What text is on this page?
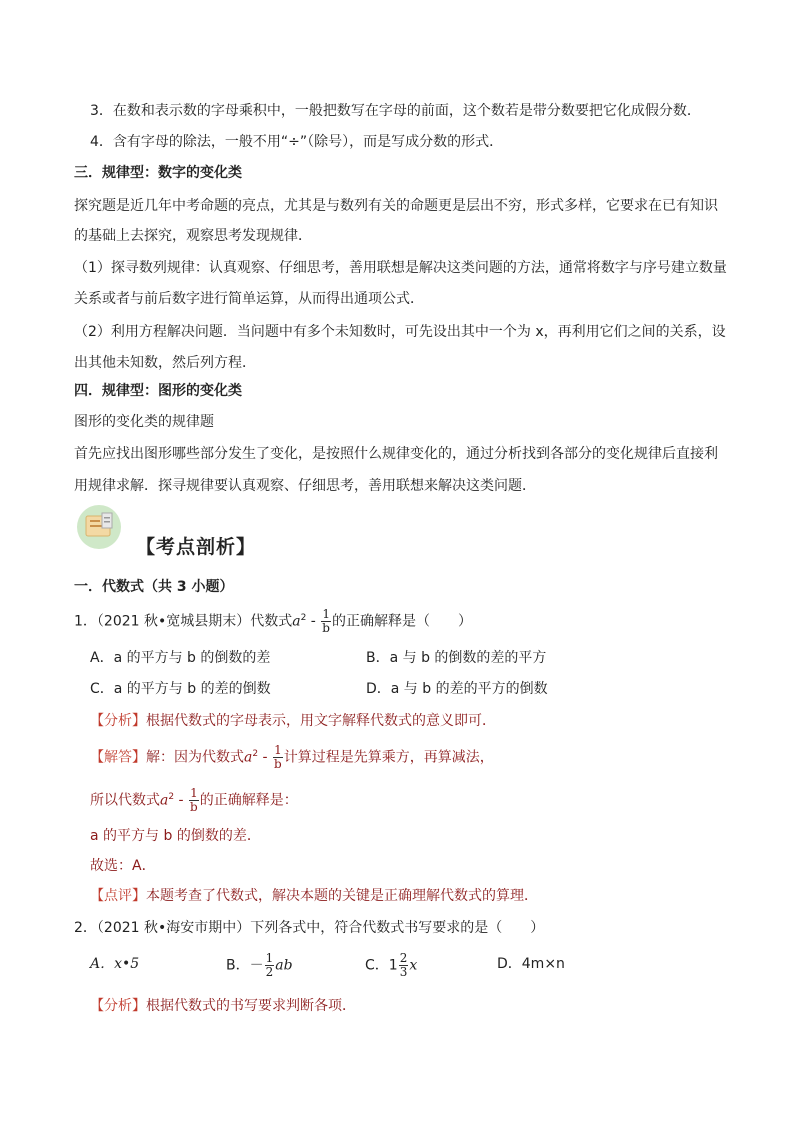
3．在数和表示数的字母乘积中，一般把数写在字母的前面，这个数若是带分数要把它化成假分数．
4．含有字母的除法，一般不用“÷”（除号），而是写成分数的形式．
三．规律型：数字的变化类
探究题是近几年中考命题的亮点，尤其是与数列有关的命题更是层出不穷，形式多样，它要求在已有知识
的基础上去探究，观察思考发现规律．
（1）探寻数列规律：认真观察、仔细思考，善用联想是解决这类问题的方法，通常将数字与序号建立数量
关系或者与前后数字进行简单运算，从而得出通项公式．
（2）利用方程解决问题．当问题中有多个未知数时，可先设出其中一个为 x，再利用它们之间的关系，设
出其他未知数，然后列方程．
四．规律型：图形的变化类
图形的变化类的规律题
首先应找出图形哪些部分发生了变化，是按照什么规律变化的，通过分析找到各部分的变化规律后直接利
用规律求解．探寻规律要认真观察、仔细思考，善用联想来解决这类问题．
【考点剖析】
一．代数式（共 3 小题）
1．（2021 秋•宽城县期末）代数式$a^2 - \frac{1}{b}$ 的正确解释是（　　）
A．a 的平方与 b 的倒数的差	B．a 与 b 的倒数的差的平方
C．a 的平方与 b 的差的倒数	D．a 与 b 的差的平方的倒数
【分析】根据代数式的字母表示，用文字解释代数式的意义即可．
【解答】解：因为代数式$a^2 - \frac{1}{b}$ 计算过程是先算乘方，再算减法，
所以代数式$a^2 - \frac{1}{b}$ 的正确解释是：
a 的平方与 b 的倒数的差．
故选：A．
【点评】本题考查了代数式，解决本题的关键是正确理解代数式的算理．
2．（2021 秋•海安市期中）下列各式中，符合代数式书写要求的是（　　）
A．x•5	B．－ $\frac{1}{2}$ ab	C．$1 \frac{2}{3}$ x	D．4m×n
【分析】根据代数式的书写要求判断各项．
